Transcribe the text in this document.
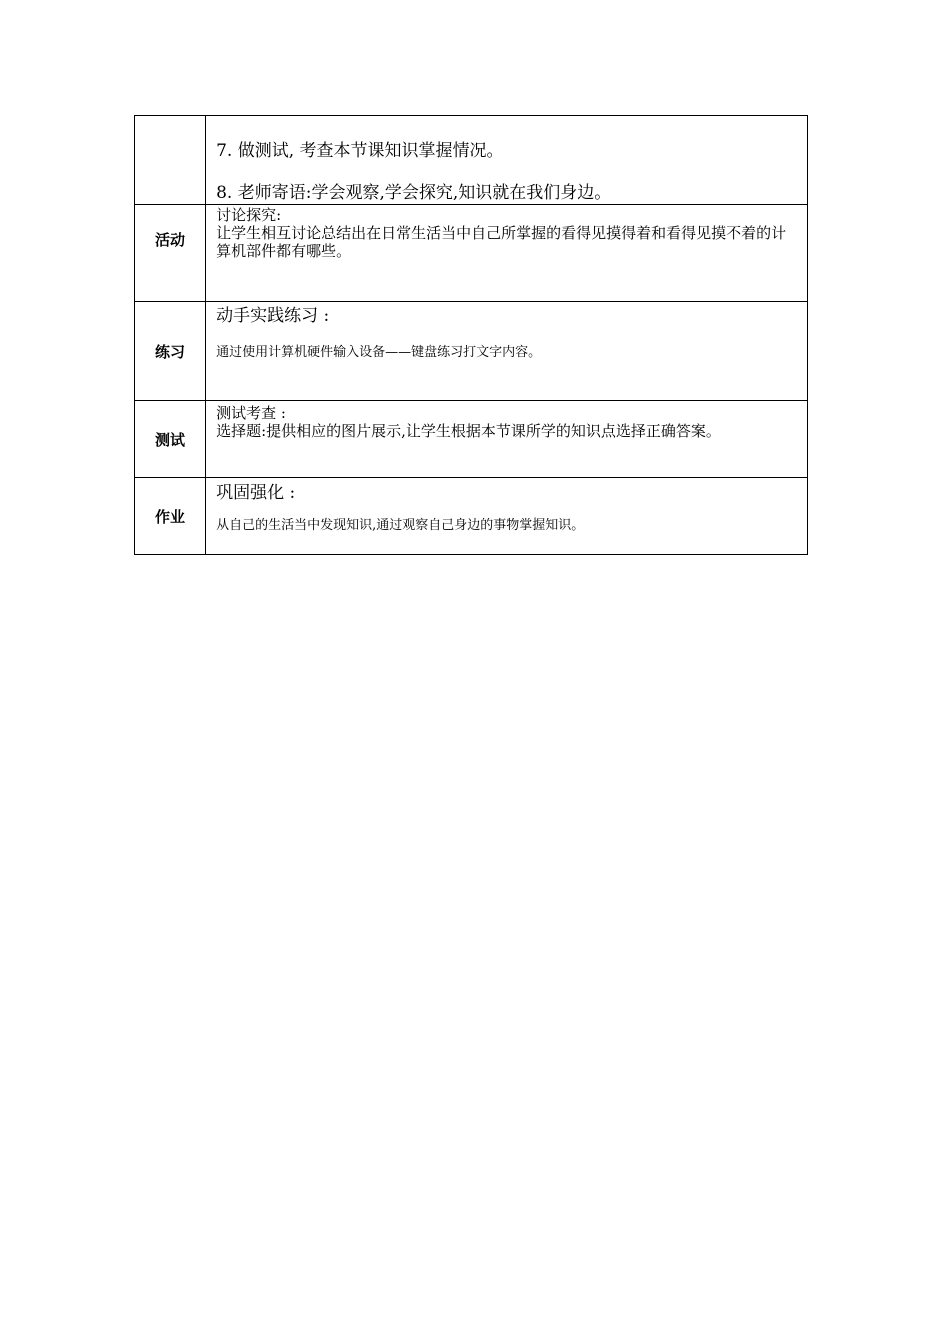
	7. 做测试, 考查本节课知识掌握情况。
8. 老师寄语:学会观察,学会探究,知识就在我们身边。

活动	讨论探究:
让学生相互讨论总结出在日常生活当中自己所掌握的看得见摸得着和看得见摸不着的计算机部件都有哪些。

练习	动手实践练习 :
通过使用计算机硬件输入设备——键盘练习打文字内容。

测试	测试考查 :
选择题:提供相应的图片展示,让学生根据本节课所学的知识点选择正确答案。

作业	巩固强化 :
从自己的生活当中发现知识,通过观察自己身边的事物掌握知识。
